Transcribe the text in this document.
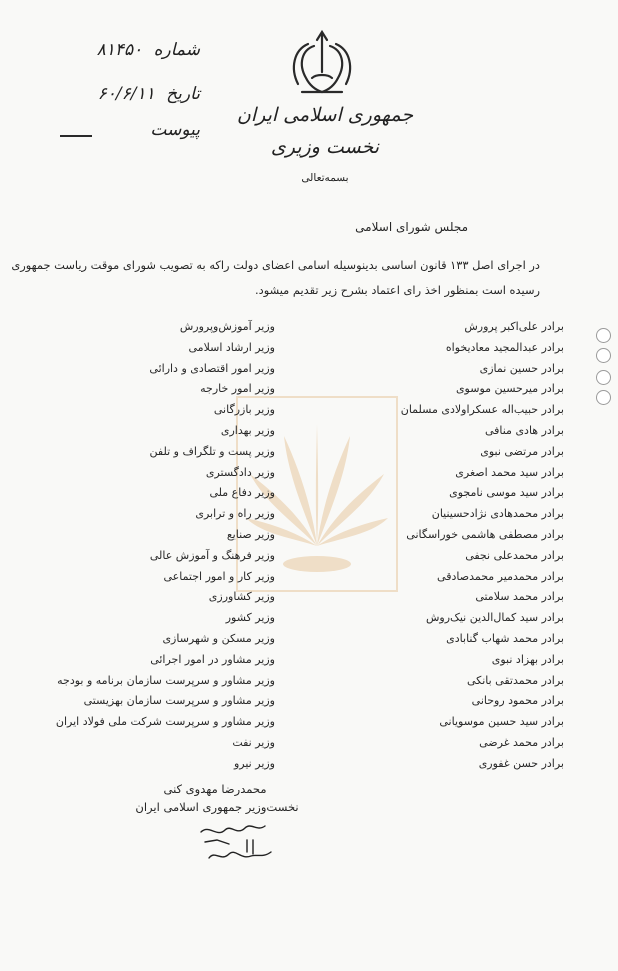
شماره ۸۱۴۵۰
تاریخ ۶۰/۶/۱۱
پیوست
جمهوری اسلامی ایران
نخست وزیری
بسمه‌تعالی
مجلس شورای اسلامی
در اجرای اصل ۱۳۳ قانون اساسی بدینوسیله اسامی اعضای دولت راکه به تصویب شورای موقت ریاست جمهوری
رسیده است بمنظور اخذ رای اعتماد بشرح زیر تقدیم میشود.
برادر علی‌اکبر پرورش
وزیر آموزش‌وپرورش
برادر عبدالمجید معادیخواه
وزیر ارشاد اسلامی
برادر حسین نمازی
وزیر امور اقتصادی و دارائی
برادر میرحسین موسوی
وزیر امور خارجه
برادر حبیب‌اله عسکراولادی مسلمان
وزیر بازرگانی
برادر هادی منافی
وزیر بهداری
برادر مرتضی نبوی
وزیر پست و تلگراف و تلفن
برادر سید محمد اصغری
وزیر دادگستری
برادر سید موسی نامجوی
وزیر دفاع ملی
برادر محمدهادی نژادحسینیان
وزیر راه و ترابری
برادر مصطفی هاشمی خوراسگانی
وزیر صنایع
برادر محمدعلی نجفی
وزیر فرهنگ و آموزش عالی
برادر محمدمیر محمدصادقی
وزیر کار و امور اجتماعی
برادر محمد سلامتی
وزیر کشاورزی
برادر سید کمال‌الدین نیک‌روش
وزیر کشور
برادر محمد شهاب گنابادی
وزیر مسکن و شهرسازی
برادر بهزاد نبوی
وزیر مشاور در امور اجرائی
برادر محمدتقی بانکی
وزیر مشاور و سرپرست سازمان برنامه و بودجه
برادر محمود روحانی
وزیر مشاور و سرپرست سازمان بهزیستی
برادر سید حسین موسویانی
وزیر مشاور و سرپرست شرکت ملی فولاد ایران
برادر محمد غرضی
وزیر نفت
برادر حسن غفوری
وزیر نیرو
محمدرضا مهدوی کنی
نخست‌وزیر جمهوری اسلامی ایران
